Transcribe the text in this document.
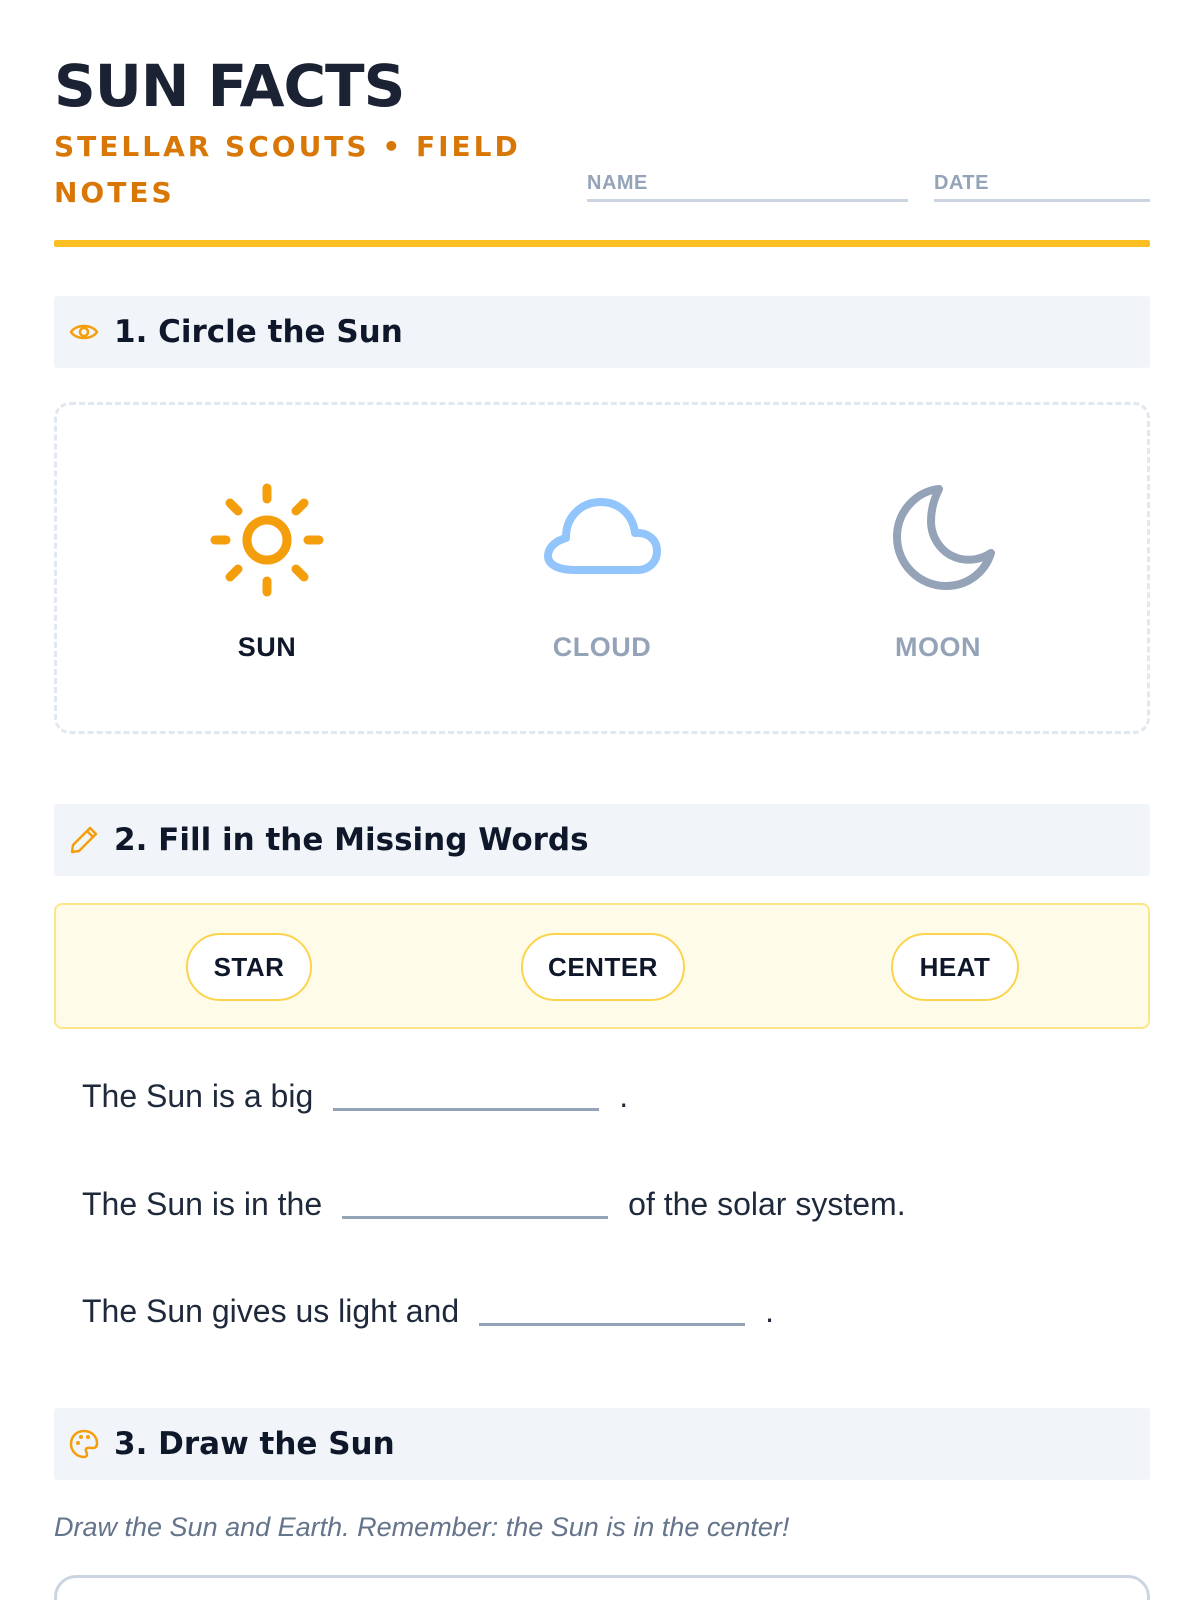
SUN FACTS
STELLAR SCOUTS • FIELD NOTES	NAME	DATE
1. Circle the Sun
SUN	CLOUD	MOON
2. Fill in the Missing Words
STAR	CENTER	HEAT
The Sun is a big	.
The Sun is in the	of the solar system.
The Sun gives us light and	.
3. Draw the Sun
Draw the Sun and Earth. Remember: the Sun is in the center!
